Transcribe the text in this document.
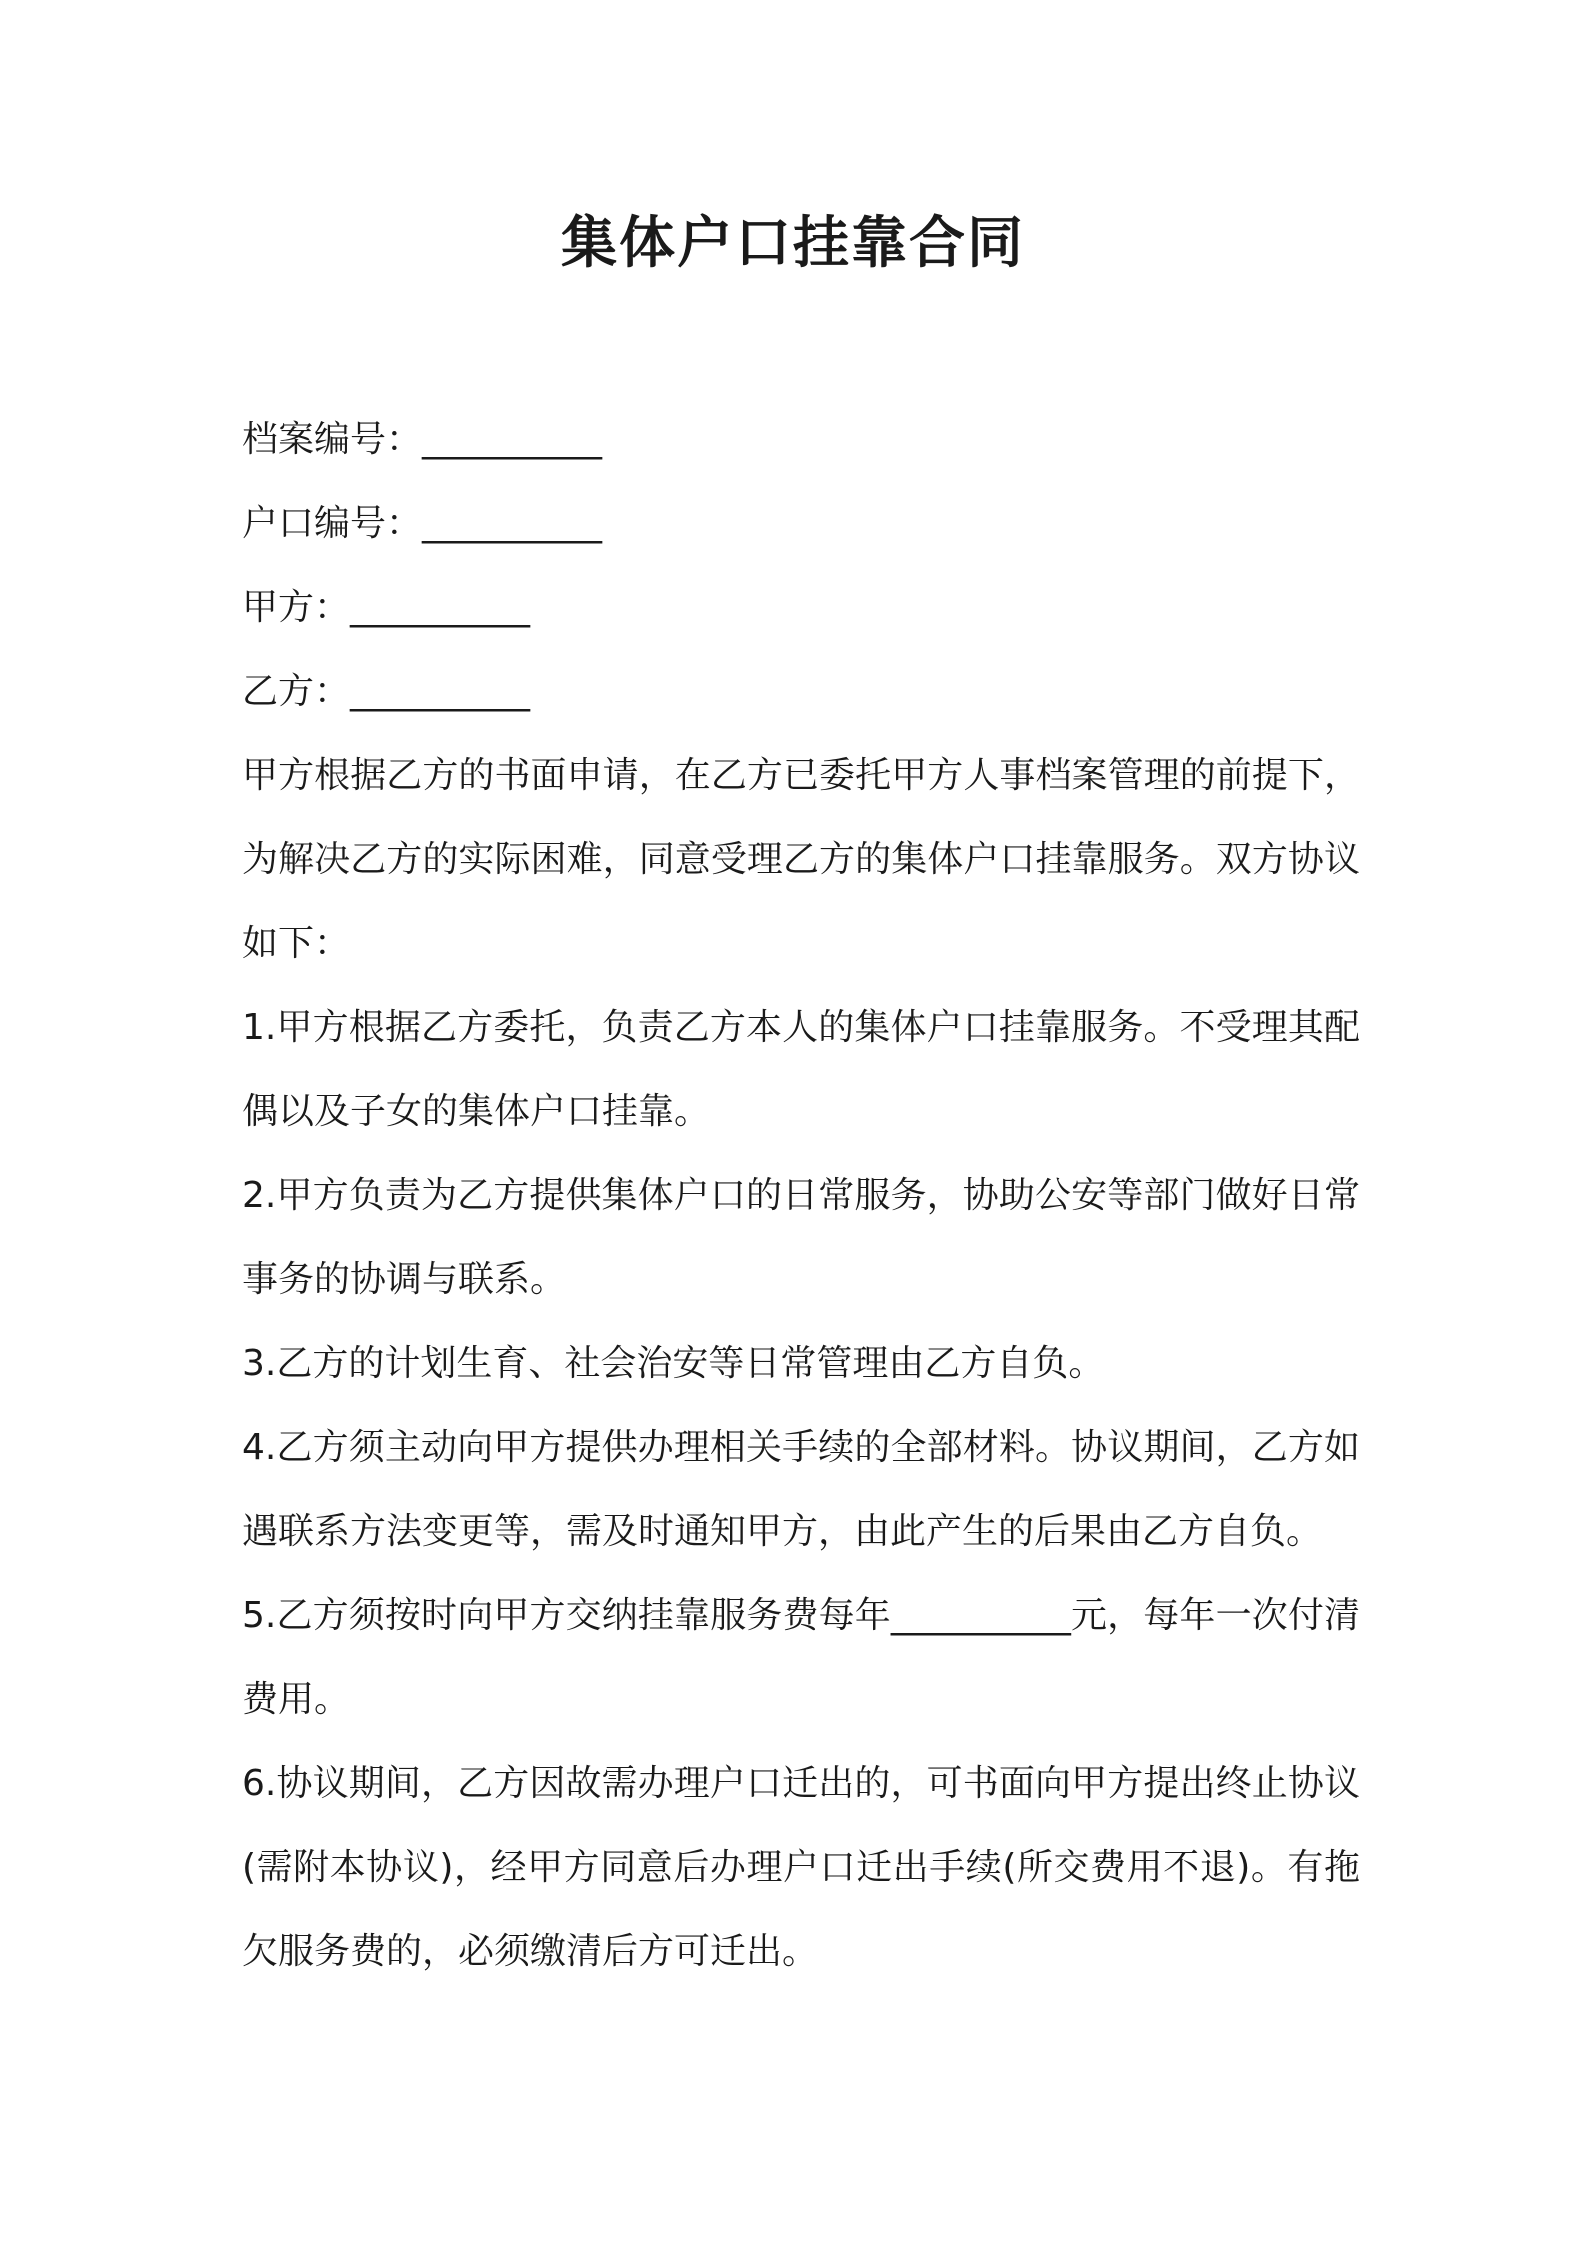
集体户口挂靠合同

档案编号：__________

户口编号：__________

甲方：__________

乙方：__________

甲方根据乙方的书面申请，在乙方已委托甲方人事档案管理的前提下，为解决乙方的实际困难，同意受理乙方的集体户口挂靠服务。双方协议如下：

1.甲方根据乙方委托，负责乙方本人的集体户口挂靠服务。不受理其配偶以及子女的集体户口挂靠。

2.甲方负责为乙方提供集体户口的日常服务，协助公安等部门做好日常事务的协调与联系。

3.乙方的计划生育、社会治安等日常管理由乙方自负。

4.乙方须主动向甲方提供办理相关手续的全部材料。协议期间，乙方如遇联系方法变更等，需及时通知甲方，由此产生的后果由乙方自负。

5.乙方须按时向甲方交纳挂靠服务费每年__________元，每年一次付清费用。

6.协议期间，乙方因故需办理户口迁出的，可书面向甲方提出终止协议(需附本协议)，经甲方同意后办理户口迁出手续(所交费用不退)。有拖欠服务费的，必须缴清后方可迁出。
